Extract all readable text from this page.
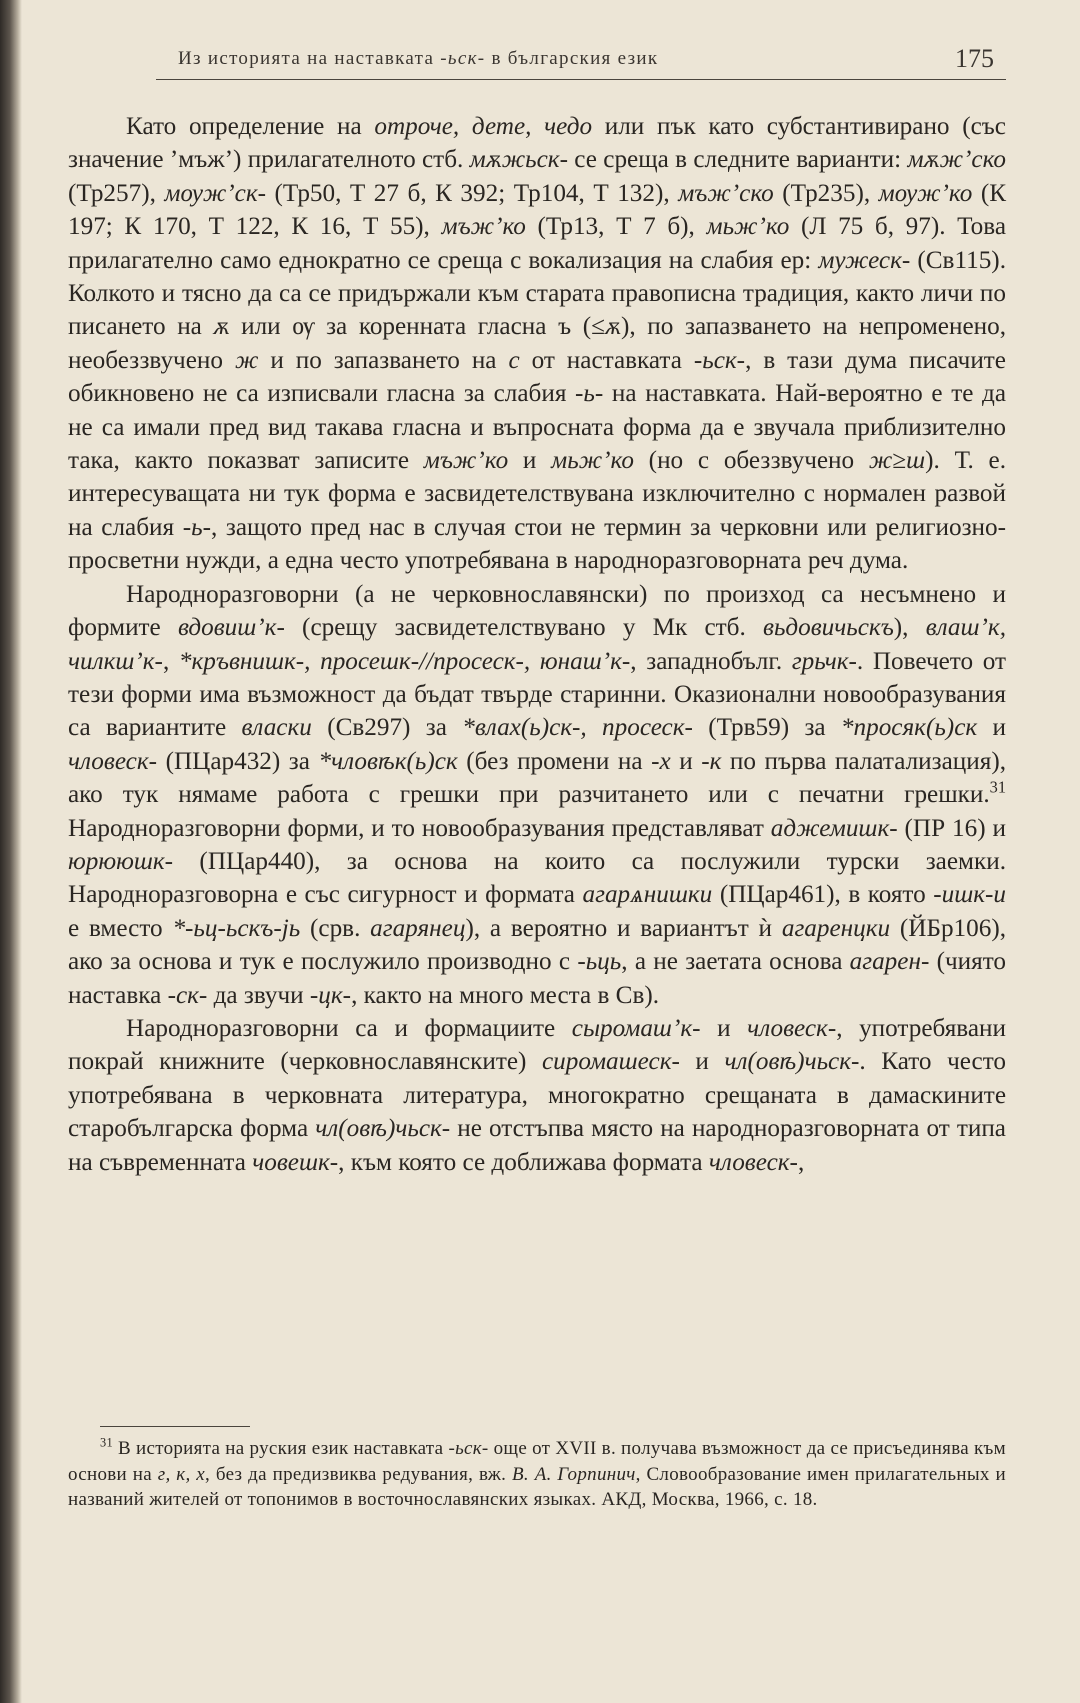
Из историята на наставката -ьск- в българския език	175

Като определение на отроче, дете, чедо или пък като субстантивирано (със значение ’мъж’) прилагателното стб. мѫжьск- се среща в следните варианти: мѫж’ско (Тр257), мѹж’ск- (Тр50, Т 27 б, К 392; Тр104, Т 132), мъж’ско (Тр235), мѹж’ко (К 197; К 170, Т 122, К 16, Т 55), мъж’ко (Тр13, Т 7 б), мьж’ко (Л 75 б, 97). Това прилагателно само еднократно се среща с вокализация на слабия ер: мужеск- (Св115). Колкото и тясно да са се придържали към старата правописна традиция, както личи по писането на ѫ или ѹ за коренната гласна ъ (≤ѫ), по запазването на непроменено, необеззвучено ж и по запазването на с от наставката -ьск-, в тази дума писачите обикновено не са изписвали гласна за слабия -ь- на наставката. Най-вероятно е те да не са имали пред вид такава гласна и въпросната форма да е звучала приблизително така, както показват записите мъж’ко и мьж’ко (но с обеззвучено ж≥ш). Т. е. интересуващата ни тук форма е засвидетелствувана изключително с нормален развой на слабия -ь-, защото пред нас в случая стои не термин за черковни или религиозно-просветни нужди, а една често употребявана в народноразговорната реч дума.

Народноразговорни (а не черковнославянски) по произход са несъмнено и формите вдовиш’к- (срещу засвидетелствувано у Мк стб. вьдовичьскъ), влаш’к, чилкш’к-, *кръвнишк-, просешк-//просеск-, юнаш’к-, западнобълг. грьчк-. Повечето от тези форми има възможност да бъдат твърде старинни. Оказионални новообразувания са вариантите власки (Св297) за *влах(ь)ск-, просеск- (Трв59) за *просяк(ь)ск и чловеск- (ПЦар432) за *чловѣк(ь)ск (без промени на -х и -к по първа палатализация), ако тук нямаме работа с грешки при разчитането или с печатни грешки.$^{31}$ Народноразговорни форми, и то новообразувания представляват аджемишк- (ПР 16) и юрююшк- (ПЦар440), за основа на които са послужили турски заемки. Народноразговорна е със сигурност и формата агарѧнишки (ПЦар461), в която -ишк-и е вместо *-ьц-ьскъ-jь (срв. агарянец), а вероятно и вариантът ѝ агаренцки (ЙБр106), ако за основа и тук е послужило производно с -ьць, а не заетата основа агарен- (чиято наставка -ск- да звучи -цк-, както на много места в Св).

Народноразговорни са и формациите сыромаш’к- и чловеск-, употребявани покрай книжните (черковнославянските) сиромашеск- и чл(овѣ)чьск-. Като често употребявана в черковната литература, многократно срещаната в дамаскините старобългарска форма чл(овѣ)чьск- не отстъпва място на народноразговорната от типа на съвременната човешк-, към която се доближава формата чловеск-,

$^{31}$ В историята на руския език наставката -ьск- още от XVII в. получава възможност да се присъединява към основи на г, к, х, без да предизвиква редувания, вж. В. А. Горпинич, Словообразование имен прилагательных и названий жителей от топонимов в восточнославянских языках. АКД, Москва, 1966, с. 18.
